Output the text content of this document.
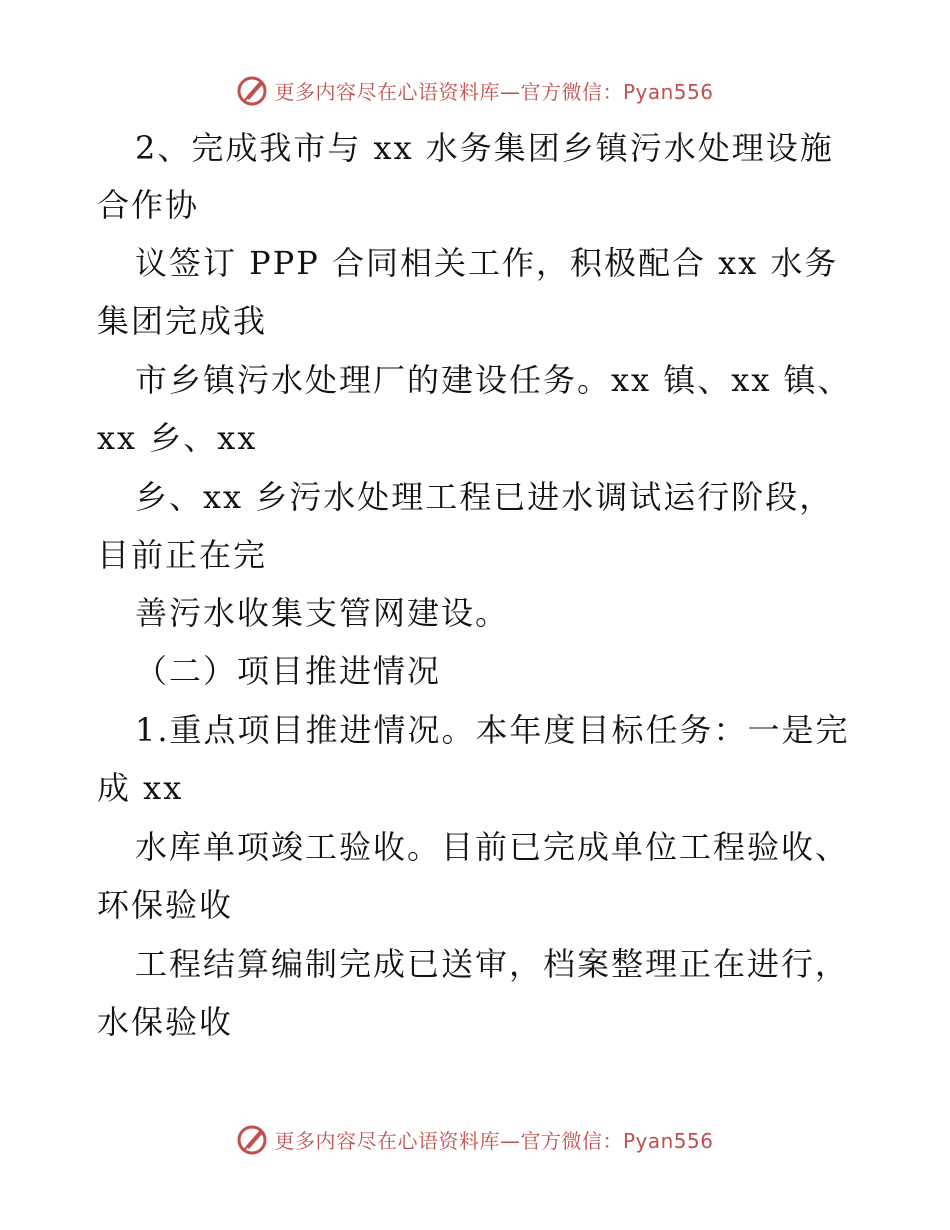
更多内容尽在心语资料库—官方微信：Pyan556
2、完成我市与 xx 水务集团乡镇污水处理设施
合作协
议签订 PPP 合同相关工作，积极配合 xx 水务
集团完成我
市乡镇污水处理厂的建设任务。xx 镇、xx 镇、
xx 乡、xx
乡、xx 乡污水处理工程已进水调试运行阶段，
目前正在完
善污水收集支管网建设。
（二）项目推进情况
1.重点项目推进情况。本年度目标任务：一是完
成 xx
水库单项竣工验收。目前已完成单位工程验收、
环保验收
工程结算编制完成已送审，档案整理正在进行，
水保验收
更多内容尽在心语资料库—官方微信：Pyan556
